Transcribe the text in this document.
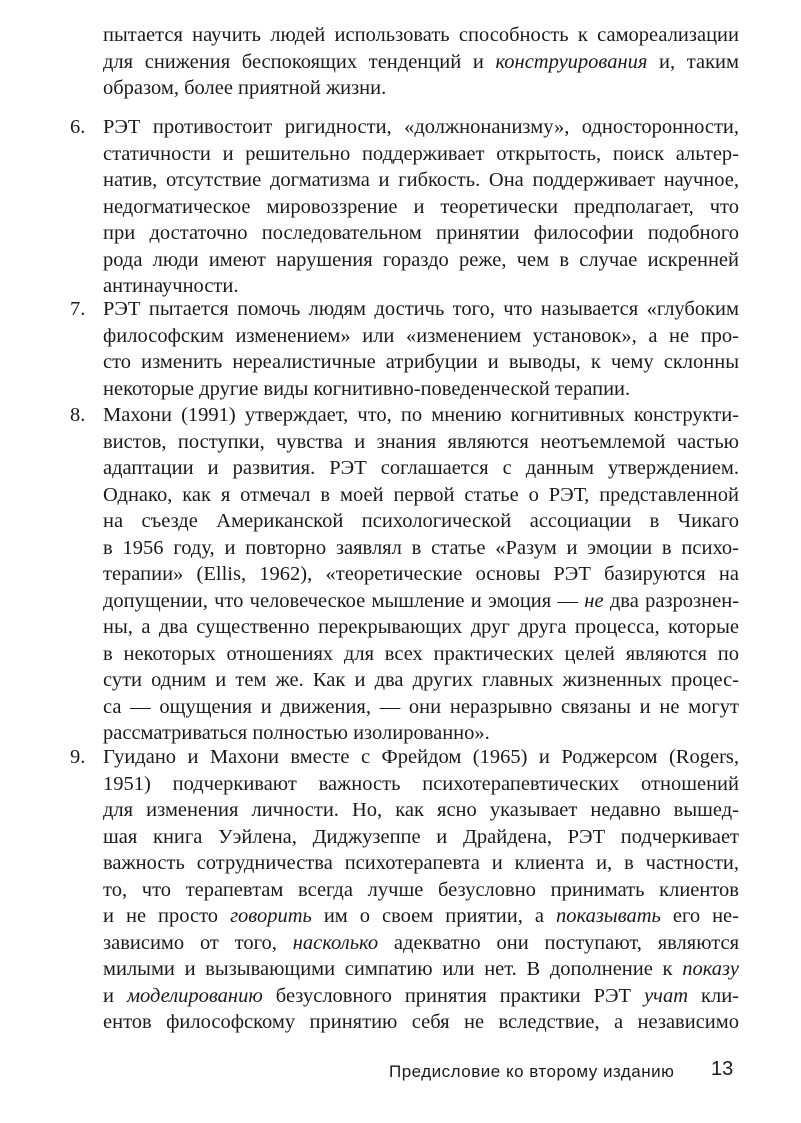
пытается научить людей использовать способность к самореализации
для снижения беспокоящих тенденций и конструирования и, таким
образом, более приятной жизни.
6. РЭТ противостоит ригидности, «должнонанизму», односторонности,
статичности и решительно поддерживает открытость, поиск альтер-
натив, отсутствие догматизма и гибкость. Она поддерживает научное,
недогматическое мировоззрение и теоретически предполагает, что
при достаточно последовательном принятии философии подобного
рода люди имеют нарушения гораздо реже, чем в случае искренней
антинаучности.
7. РЭТ пытается помочь людям достичь того, что называется «глубоким
философским изменением» или «изменением установок», а не про-
сто изменить нереалистичные атрибуции и выводы, к чему склонны
некоторые другие виды когнитивно-поведенческой терапии.
8. Махони (1991) утверждает, что, по мнению когнитивных конструкти-
вистов, поступки, чувства и знания являются неотъемлемой частью
адаптации и развития. РЭТ соглашается с данным утверждением.
Однако, как я отмечал в моей первой статье о РЭТ, представленной
на съезде Американской психологической ассоциации в Чикаго
в 1956 году, и повторно заявлял в статье «Разум и эмоции в психо-
терапии» (Ellis, 1962), «теоретические основы РЭТ базируются на
допущении, что человеческое мышление и эмоция — не два разрознен-
ны, а два существенно перекрывающих друг друга процесса, которые
в некоторых отношениях для всех практических целей являются по
сути одним и тем же. Как и два других главных жизненных процес-
са — ощущения и движения, — они неразрывно связаны и не могут
рассматриваться полностью изолированно».
9. Гуидано и Махони вместе с Фрейдом (1965) и Роджерсом (Rogers,
1951) подчеркивают важность психотерапевтических отношений
для изменения личности. Но, как ясно указывает недавно вышед-
шая книга Уэйлена, Диджузеппе и Драйдена, РЭТ подчеркивает
важность сотрудничества психотерапевта и клиента и, в частности,
то, что терапевтам всегда лучше безусловно принимать клиентов
и не просто говорить им о своем приятии, а показывать его не-
зависимо от того, насколько адекватно они поступают, являются
милыми и вызывающими симпатию или нет. В дополнение к показу
и моделированию безусловного принятия практики РЭТ учат кли-
ентов философскому принятию себя не вследствие, а независимо
Предисловие ко второму изданию 13
